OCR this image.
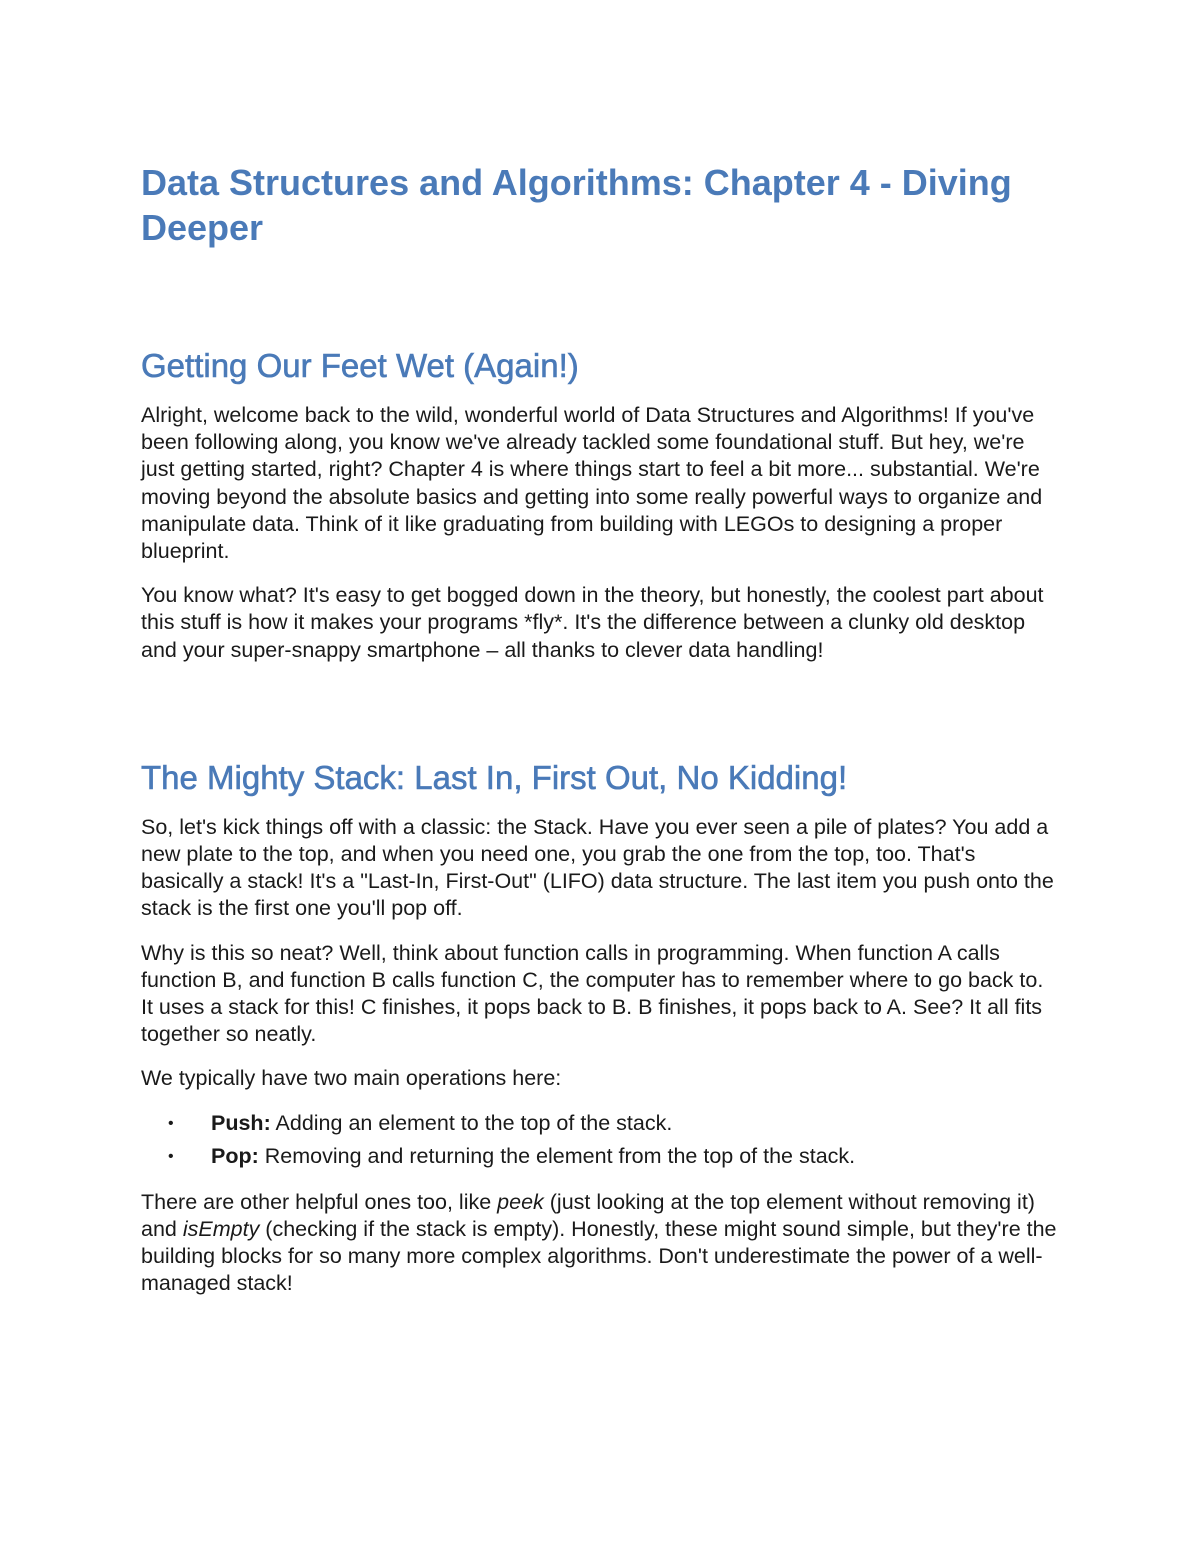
Data Structures and Algorithms: Chapter 4 - Diving Deeper
Getting Our Feet Wet (Again!)

Alright, welcome back to the wild, wonderful world of Data Structures and Algorithms! If you've been following along, you know we've already tackled some foundational stuff. But hey, we're just getting started, right? Chapter 4 is where things start to feel a bit more... substantial. We're moving beyond the absolute basics and getting into some really powerful ways to organize and manipulate data. Think of it like graduating from building with LEGOs to designing a proper blueprint.

You know what? It's easy to get bogged down in the theory, but honestly, the coolest part about this stuff is how it makes your programs *fly*. It's the difference between a clunky old desktop and your super-snappy smartphone – all thanks to clever data handling!

The Mighty Stack: Last In, First Out, No Kidding!

So, let's kick things off with a classic: the Stack. Have you ever seen a pile of plates? You add a new plate to the top, and when you need one, you grab the one from the top, too. That's basically a stack! It's a "Last-In, First-Out" (LIFO) data structure. The last item you push onto the stack is the first one you'll pop off.

Why is this so neat? Well, think about function calls in programming. When function A calls function B, and function B calls function C, the computer has to remember where to go back to. It uses a stack for this! C finishes, it pops back to B. B finishes, it pops back to A. See? It all fits together so neatly.

We typically have two main operations here:

• Push: Adding an element to the top of the stack.
• Pop: Removing and returning the element from the top of the stack.

There are other helpful ones too, like peek (just looking at the top element without removing it) and isEmpty (checking if the stack is empty). Honestly, these might sound simple, but they're the building blocks for so many more complex algorithms. Don't underestimate the power of a well-managed stack!
